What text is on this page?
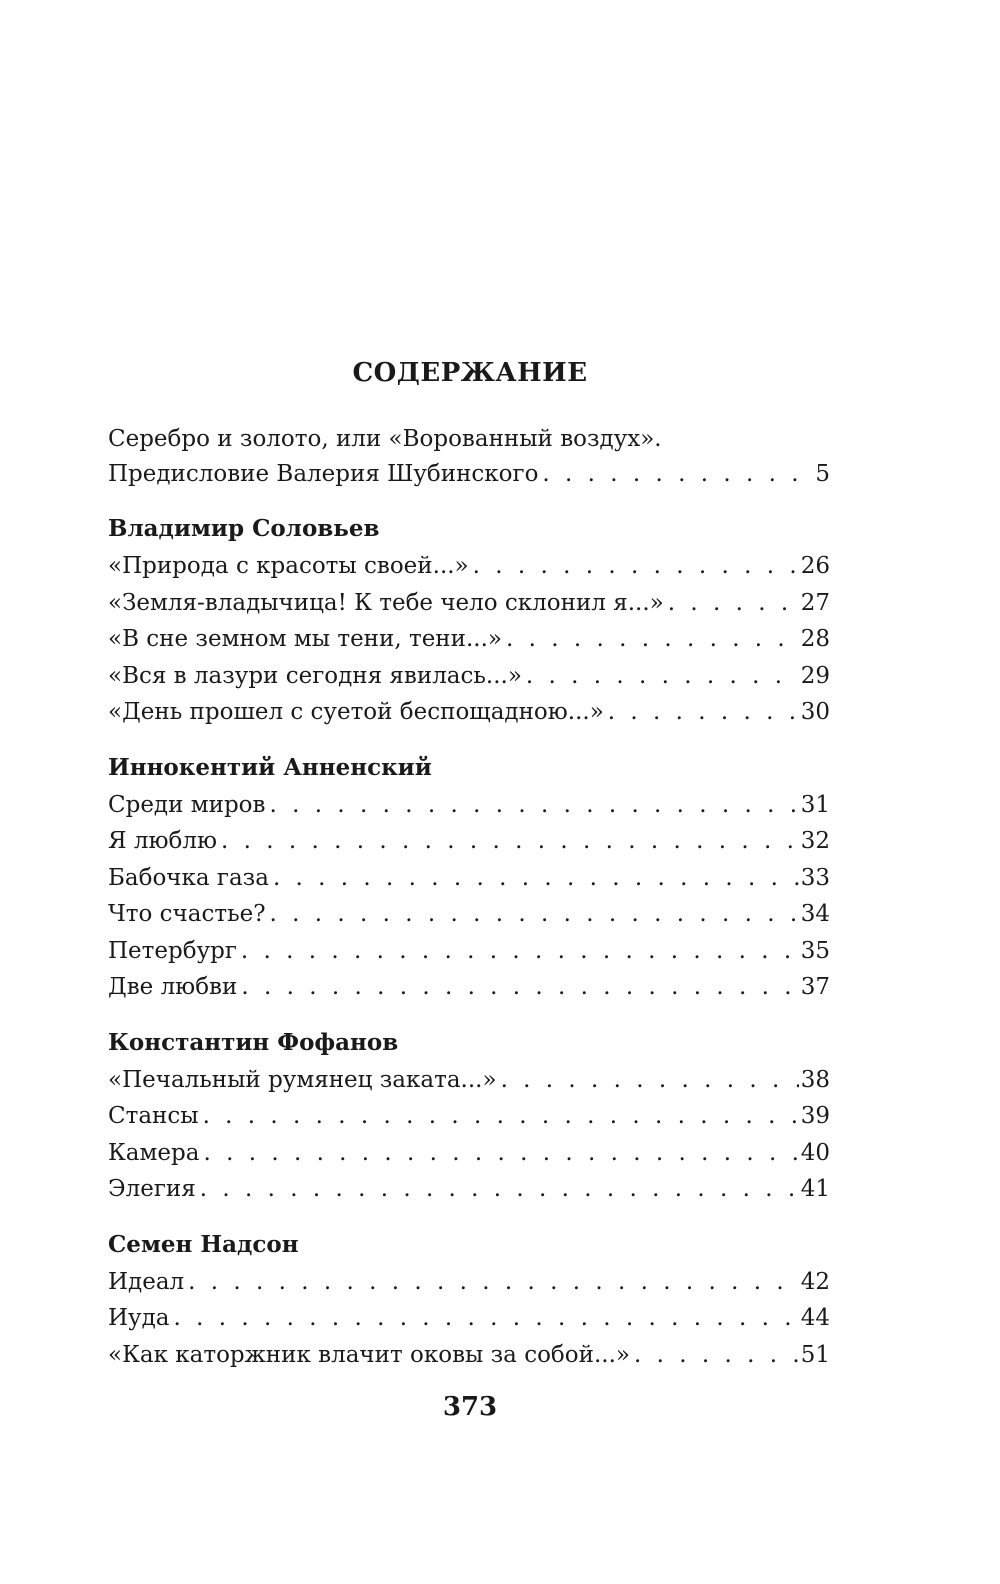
СОДЕРЖАНИЕ
Серебро и золото, или «Ворованный воздух».
Предисловие Валерия Шубинского . . .	5
Владимир Соловьев
«Природа с красоты своей...» . . .	26
«Земля-владычица! К тебе чело склонил я...» . . .	27
«В сне земном мы тени, тени...» . . .	28
«Вся в лазури сегодня явилась...» . . .	29
«День прошел с суетой беспощадною...» . . .	30
Иннокентий Анненский
Среди миров . . .	31
Я люблю . . .	32
Бабочка газа . . .	33
Что счастье? . . .	34
Петербург . . .	35
Две любви . . .	37
Константин Фофанов
«Печальный румянец заката...» . . .	38
Стансы . . .	39
Камера . . .	40
Элегия . . .	41
Семен Надсон
Идеал . . .	42
Иуда . . .	44
«Как каторжник влачит оковы за собой...» . . .	51
373
